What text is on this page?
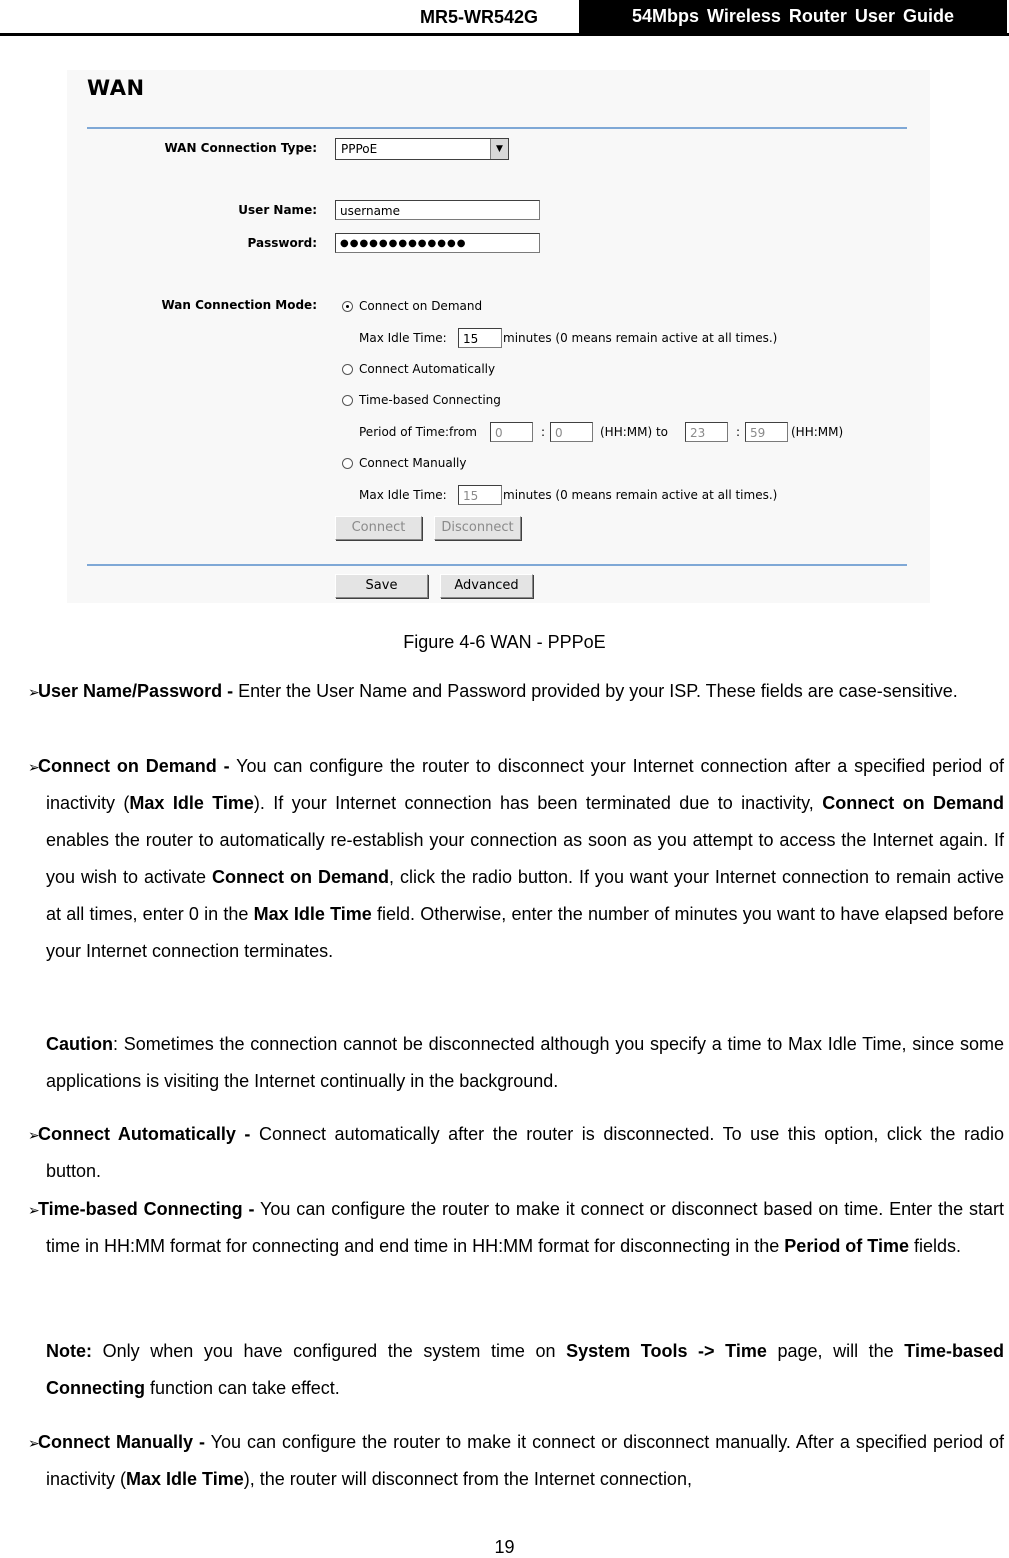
MR5-WR542G	54Mbps Wireless Router User Guide
WAN
WAN Connection Type:	PPPoE	▼
User Name:	username
Password:	●●●●●●●●●●●●●
Wan Connection Mode:	Connect on Demand
Max Idle Time:	15	minutes (0 means remain active at all times.)
Connect Automatically
Time-based Connecting
Period of Time:from	0	: 0	(HH:MM) to	23	: 59	(HH:MM)
Connect Manually
Max Idle Time:	15	minutes (0 means remain active at all times.)
Connect	Disconnect
Save	Advanced
Figure 4-6 WAN - PPPoE
➢
User Name/Password - Enter the User Name and Password provided by your ISP. These fields are case-sensitive.
➢
Connect on Demand - You can configure the router to disconnect your Internet connection after a specified period of inactivity (Max Idle Time). If your Internet connection has been terminated due to inactivity, Connect on Demand enables the router to automatically re-establish your connection as soon as you attempt to access the Internet again. If you wish to activate Connect on Demand, click the radio button. If you want your Internet connection to remain active at all times, enter 0 in the Max Idle Time field. Otherwise, enter the number of minutes you want to have elapsed before your Internet connection terminates.
Caution: Sometimes the connection cannot be disconnected although you specify a time to Max Idle Time, since some applications is visiting the Internet continually in the background.
➢
Connect Automatically - Connect automatically after the router is disconnected. To use this option, click the radio button.
➢
Time-based Connecting - You can configure the router to make it connect or disconnect based on time. Enter the start time in HH:MM format for connecting and end time in HH:MM format for disconnecting in the Period of Time fields.
Note: Only when you have configured the system time on System Tools -> Time page, will the Time-based Connecting function can take effect.
➢
Connect Manually - You can configure the router to make it connect or disconnect manually. After a specified period of inactivity (Max Idle Time), the router will disconnect from the Internet connection,
19
